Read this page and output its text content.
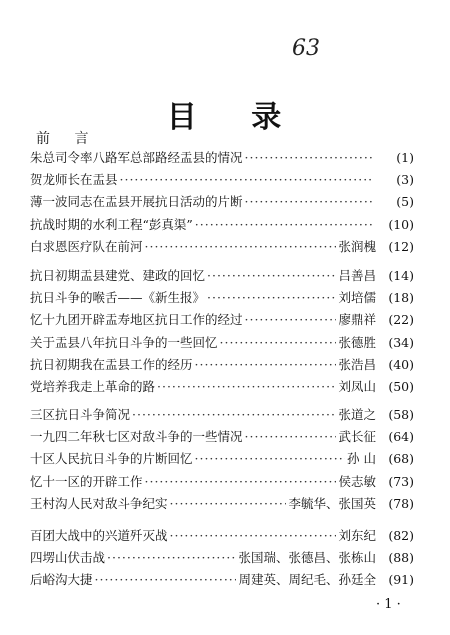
63
目 录
前 言
朱总司令率八路军总部路经盂县的情况 ·····	(1)
贺龙师长在盂县 ·····	(3)
薄一波同志在盂县开展抗日活动的片断 ·····	(5)
抗战时期的水利工程“彭真渠” ·····	(10)
白求恩医疗队在前河 ·····	张润槐 (12)
抗日初期盂县建党、建政的回忆 ·····	吕善昌 (14)
抗日斗争的喉舌——《新生报》 ·····	刘培儒 (18)
忆十九团开辟盂寿地区抗日工作的经过 ·····	廖鼎祥 (22)
关于盂县八年抗日斗争的一些回忆 ·····	张德胜 (34)
抗日初期我在盂县工作的经历 ·····	张浩昌 (40)
党培养我走上革命的路 ·····	刘凤山 (50)
三区抗日斗争简况 ·····	张道之 (58)
一九四二年秋七区对敌斗争的一些情况 ·····	武长征 (64)
十区人民抗日斗争的片断回忆 ·····	孙 山 (68)
忆十一区的开辟工作 ·····	侯志敏 (73)
王村沟人民对敌斗争纪实 ·····	李毓华、张国英 (78)
百团大战中的兴道歼灭战 ·····	刘东纪 (82)
四塄山伏击战 ·····	张国瑞、张德昌、张栋山 (88)
后峪沟大捷 ·····	周建英、周纪毛、孙廷全 (91)
· 1 ·
